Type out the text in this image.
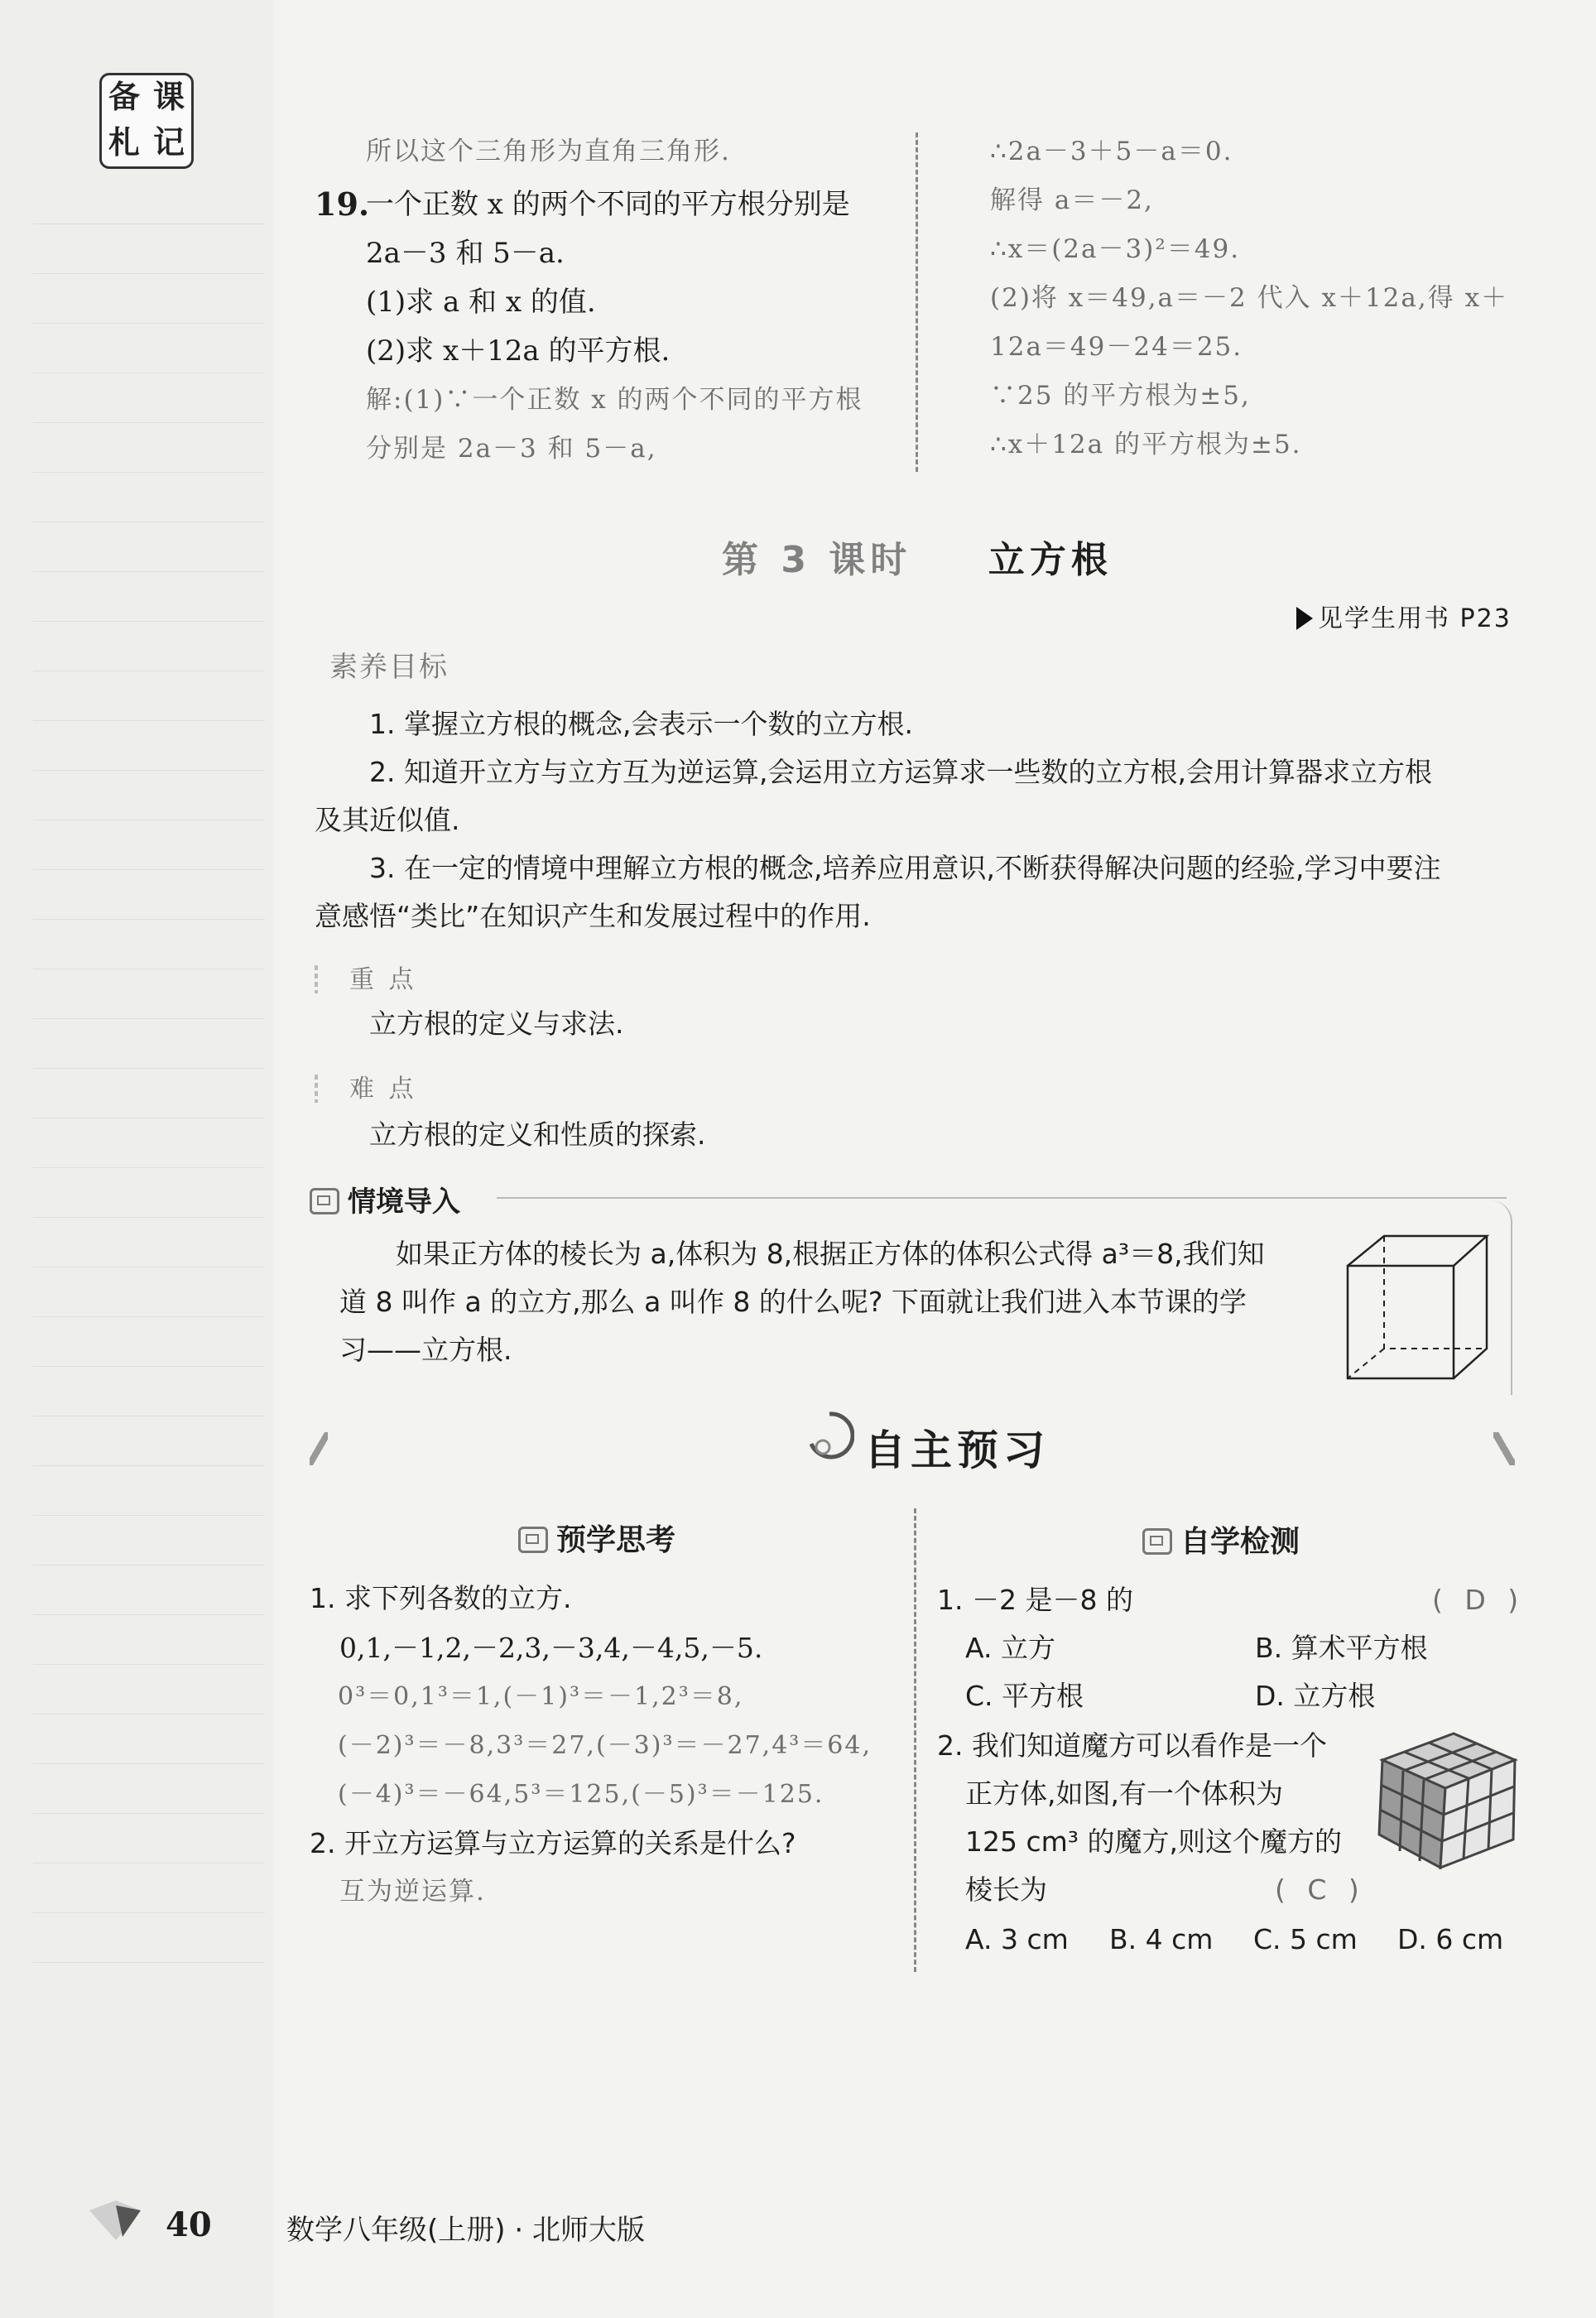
备 课
札 记	所以这个三角形为直角三角形.
19.
一个正数 x 的两个不同的平方根分别是
2a－3 和 5－a.
(1)求 a 和 x 的值.
(2)求 x＋12a 的平方根.
解:(1)∵一个正数 x 的两个不同的平方根
分别是 2a－3 和 5－a,
∴2a－3＋5－a＝0.
解得 a＝－2,
∴x＝(2a－3)²＝49.
(2)将 x＝49,a＝－2 代入 x＋12a,得 x＋
12a＝49－24＝25.
∵25 的平方根为±5,
∴x＋12a 的平方根为±5.
第 3 课时 立方根
见学生用书 P23
素养目标
1. 掌握立方根的概念,会表示一个数的立方根.
2. 知道开立方与立方互为逆运算,会运用立方运算求一些数的立方根,会用计算器求立方根
及其近似值.
3. 在一定的情境中理解立方根的概念,培养应用意识,不断获得解决问题的经验,学习中要注
意感悟“类比”在知识产生和发展过程中的作用.
重 点
立方根的定义与求法.
难 点
立方根的定义和性质的探索.
情境导入
如果正方体的棱长为 a,体积为 8,根据正方体的体积公式得 a³＝8,我们知
道 8 叫作 a 的立方,那么 a 叫作 8 的什么呢? 下面就让我们进入本节课的学
习——立方根.
自主预习
预学思考
1. 求下列各数的立方.
0,1,－1,2,－2,3,－3,4,－4,5,－5.
0³＝0,1³＝1,(－1)³＝－1,2³＝8,
(－2)³＝－8,3³＝27,(－3)³＝－27,4³＝64,
(－4)³＝－64,5³＝125,(－5)³＝－125.
2. 开立方运算与立方运算的关系是什么?
互为逆运算.
自学检测
1. －2 是－8 的	( D )
A. 立方	B. 算术平方根
C. 平方根	D. 立方根
2. 我们知道魔方可以看作是一个
正方体,如图,有一个体积为
125 cm³ 的魔方,则这个魔方的
棱长为	( C )
A. 3 cm B. 4 cm C. 5 cm D. 6 cm
40	数学八年级(上册) · 北师大版
